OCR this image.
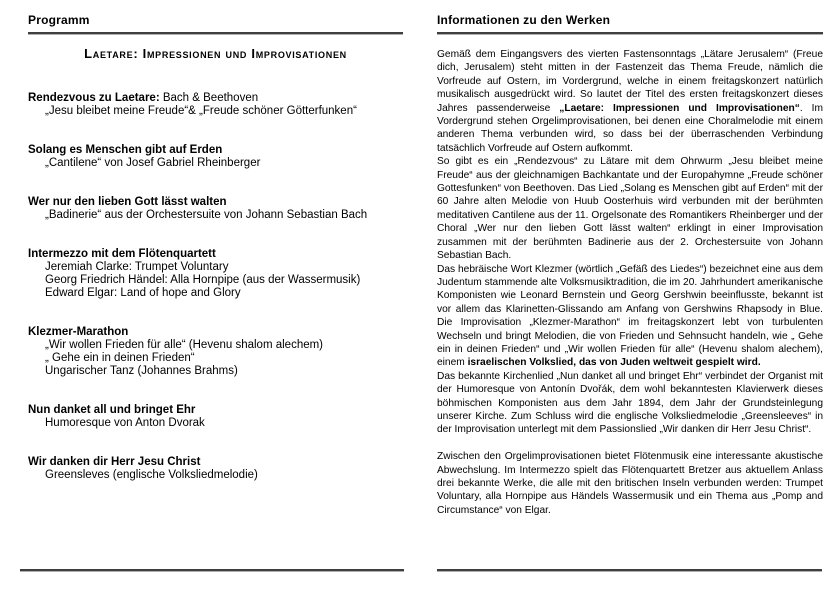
Programm
Laetare: Impressionen und Improvisationen
Rendezvous zu Laetare: Bach & Beethoven
„Jesu bleibet meine Freude“& „Freude schöner Götterfunken“
Solang es Menschen gibt auf Erden
„Cantilene“ von Josef Gabriel Rheinberger
Wer nur den lieben Gott lässt walten
„Badinerie“ aus der Orchestersuite von Johann Sebastian Bach
Intermezzo mit dem Flötenquartett
Jeremiah Clarke: Trumpet Voluntary
Georg Friedrich Händel: Alla Hornpipe (aus der Wassermusik)
Edward Elgar: Land of hope and Glory
Klezmer-Marathon
„Wir wollen Frieden für alle“ (Hevenu shalom alechem)
„ Gehe ein in deinen Frieden“
Ungarischer Tanz (Johannes Brahms)
Nun danket all und bringet Ehr
Humoresque von Anton Dvorak
Wir danken dir Herr Jesu Christ
Greensleves (englische Volksliedmelodie)
Informationen zu den Werken

Gemäß dem Eingangsvers des vierten Fastensonntags „Lätare Jerusalem“ (Freue dich, Jerusalem) steht mitten in der Fastenzeit das Thema Freude, nämlich die Vorfreude auf Ostern, im Vordergrund, welche in einem freitagskonzert natürlich musikalisch ausgedrückt wird. So lautet der Titel des ersten freitagskonzert dieses Jahres passenderweise „Laetare: Impressionen und Improvisationen“. Im Vordergrund stehen Orgelimprovisationen, bei denen eine Choralmelodie mit einem anderen Thema verbunden wird, so dass bei der überraschenden Verbindung tatsächlich Vorfreude auf Ostern aufkommt.

So gibt es ein „Rendezvous“ zu Lätare mit dem Ohrwurm „Jesu bleibet meine Freude“ aus der gleichnamigen Bachkantate und der Europahymne „Freude schöner Gottesfunken“ von Beethoven. Das Lied „Solang es Menschen gibt auf Erden“ mit der 60 Jahre alten Melodie von Huub Oosterhuis wird verbunden mit der berühmten meditativen Cantilene aus der 11. Orgelsonate des Romantikers Rheinberger und der Choral „Wer nur den lieben Gott lässt walten“ erklingt in einer Improvisation zusammen mit der berühmten Badinerie aus der 2. Orchestersuite von Johann Sebastian Bach.

Das hebräische Wort Klezmer (wörtlich „Gefäß des Liedes“) bezeichnet eine aus dem Judentum stammende alte Volksmusiktradition, die im 20. Jahrhundert amerikanische Komponisten wie Leonard Bernstein und Georg Gershwin beeinflusste, bekannt ist vor allem das Klarinetten-Glissando am Anfang von Gershwins Rhapsody in Blue. Die Improvisation „Klezmer-Marathon“ im freitagskonzert lebt von turbulenten Wechseln und bringt Melodien, die von Frieden und Sehnsucht handeln, wie „ Gehe ein in deinen Frieden“ und „Wir wollen Frieden für alle“ (Hevenu shalom alechem), einem israelischen Volkslied, das von Juden weltweit gespielt wird.

Das bekannte Kirchenlied „Nun danket all und bringet Ehr“ verbindet der Organist mit der Humoresque von Antonín Dvořák, dem wohl bekanntesten Klavierwerk dieses böhmischen Komponisten aus dem Jahr 1894, dem Jahr der Grundsteinlegung unserer Kirche. Zum Schluss wird die englische Volksliedmelodie „Greensleeves“ in der Improvisation unterlegt mit dem Passionslied „Wir danken dir Herr Jesu Christ“.

Zwischen den Orgelimprovisationen bietet Flötenmusik eine interessante akustische Abwechslung. Im Intermezzo spielt das Flötenquartett Bretzer aus aktuellem Anlass drei bekannte Werke, die alle mit den britischen Inseln verbunden werden: Trumpet Voluntary, alla Hornpipe aus Händels Wassermusik und ein Thema aus „Pomp and Circumstance“ von Elgar.
